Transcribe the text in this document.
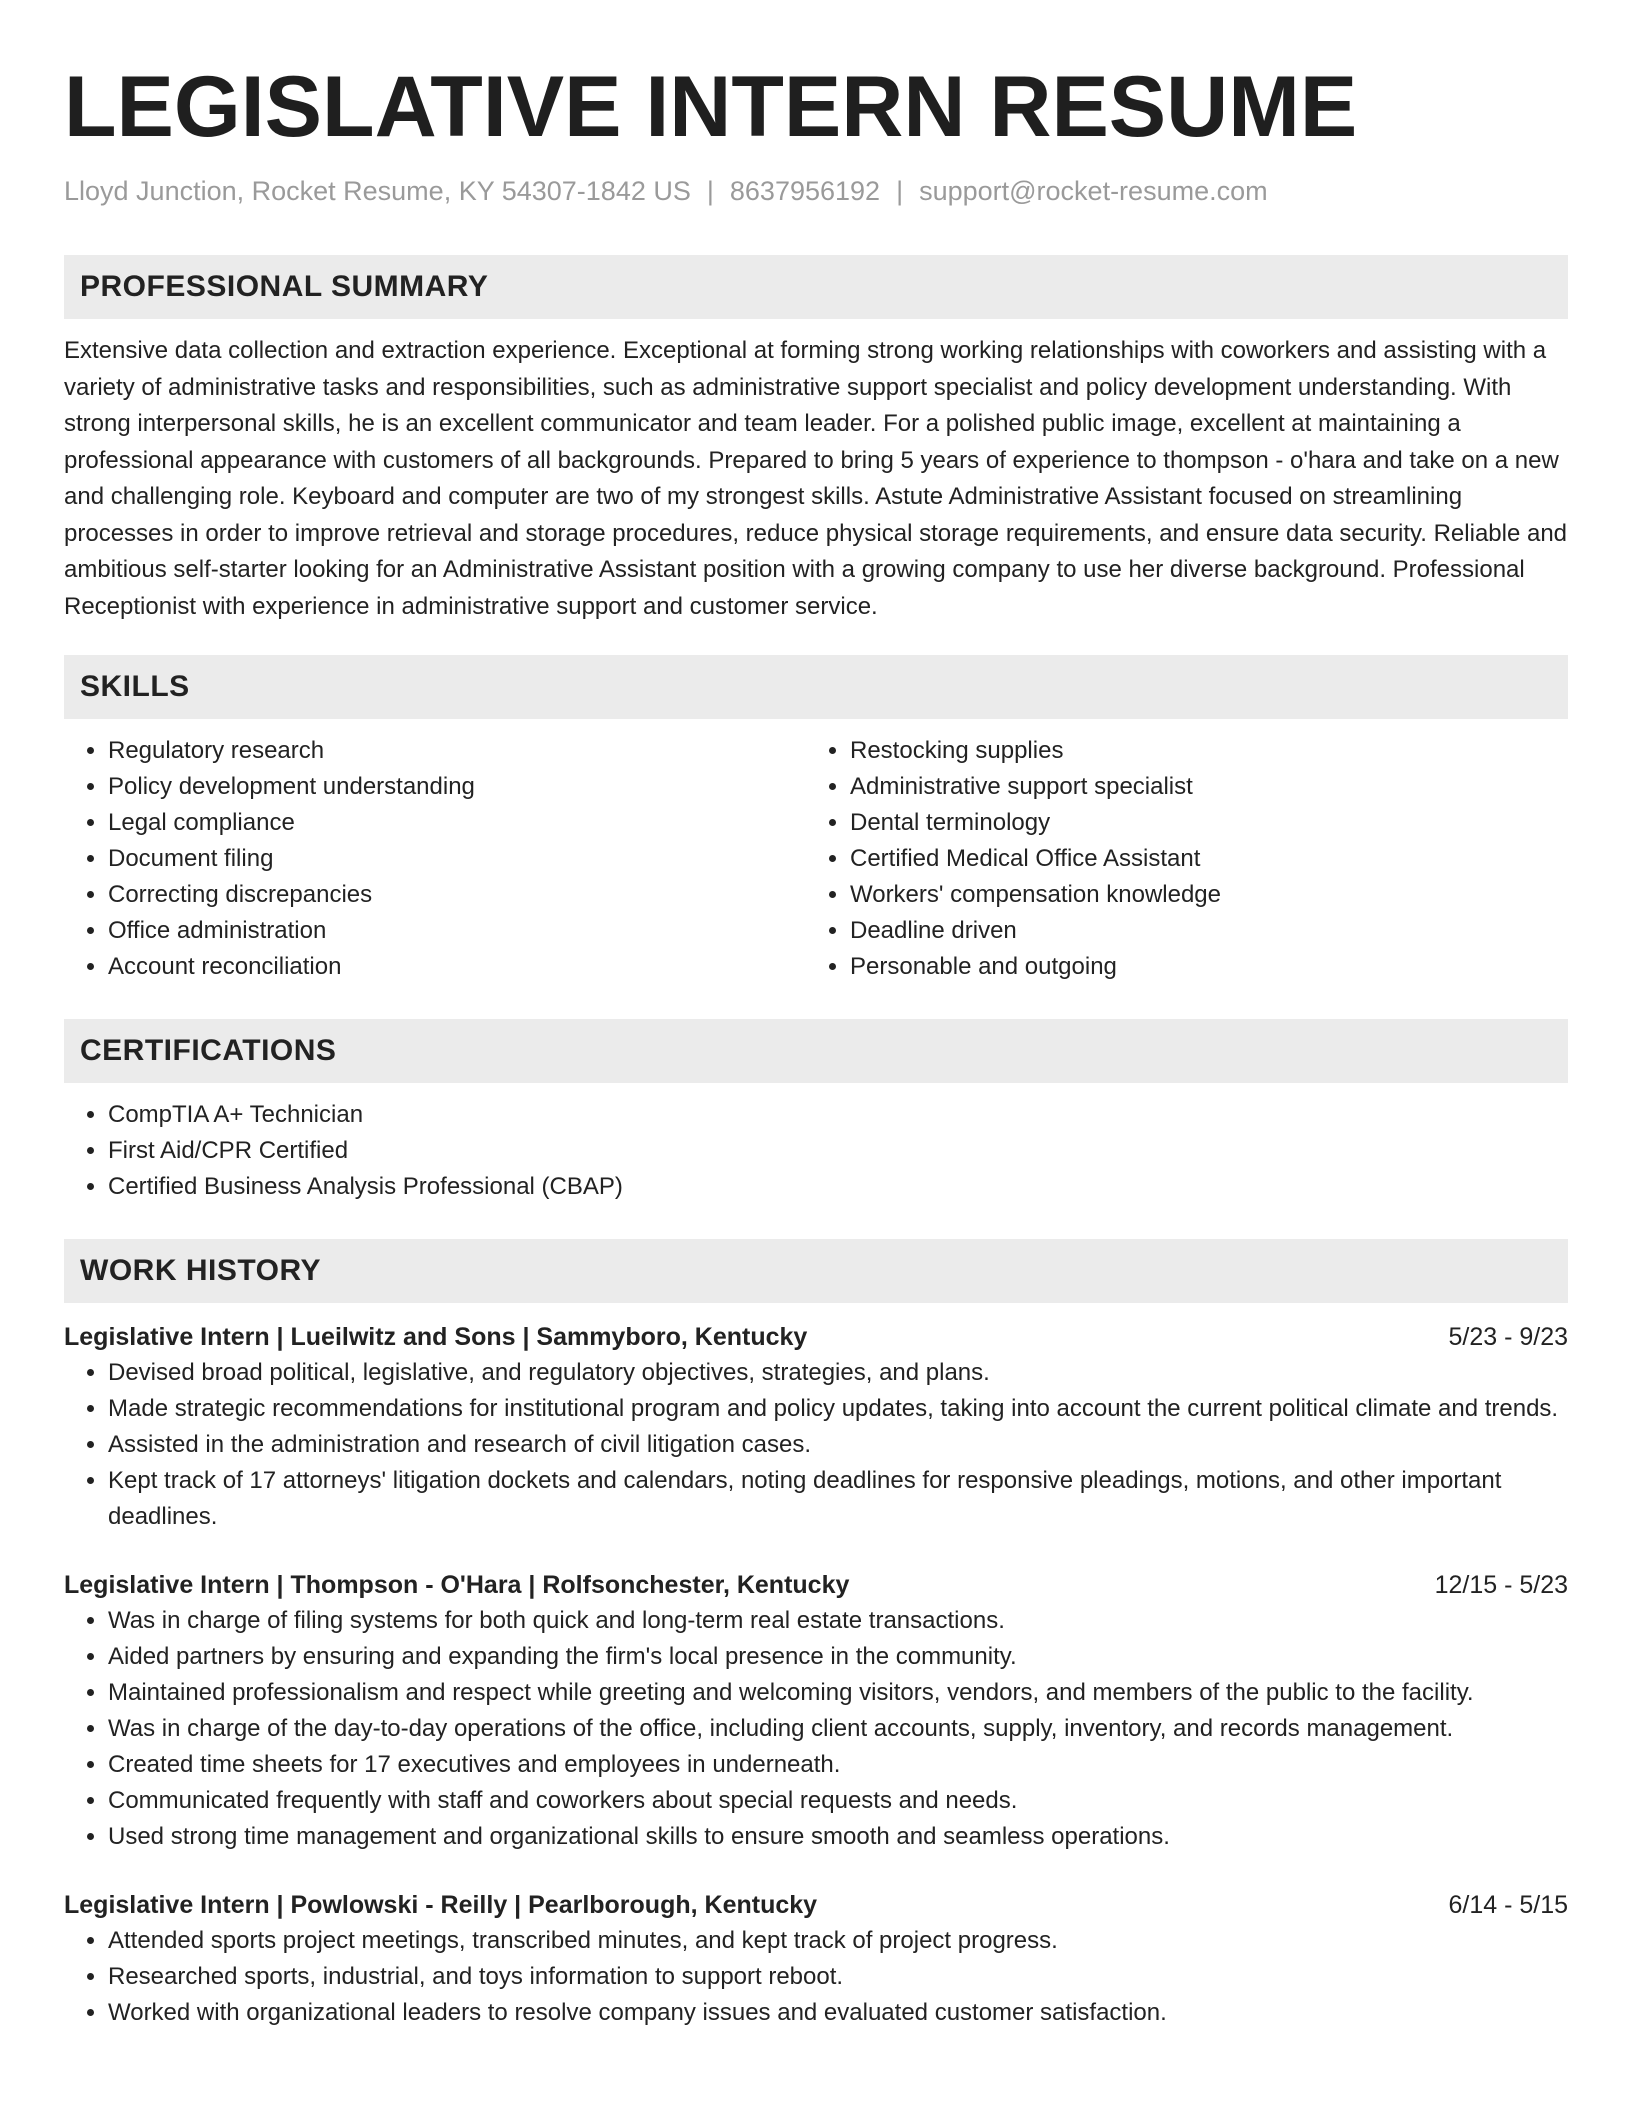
LEGISLATIVE INTERN RESUME
Lloyd Junction, Rocket Resume, KY 54307-1842 US | 8637956192 | support@rocket-resume.com
PROFESSIONAL SUMMARY

Extensive data collection and extraction experience. Exceptional at forming strong working relationships with coworkers and assisting with a variety of administrative tasks and responsibilities, such as administrative support specialist and policy development understanding. With strong interpersonal skills, he is an excellent communicator and team leader. For a polished public image, excellent at maintaining a professional appearance with customers of all backgrounds. Prepared to bring 5 years of experience to thompson - o'hara and take on a new and challenging role. Keyboard and computer are two of my strongest skills. Astute Administrative Assistant focused on streamlining processes in order to improve retrieval and storage procedures, reduce physical storage requirements, and ensure data security. Reliable and ambitious self-starter looking for an Administrative Assistant position with a growing company to use her diverse background. Professional Receptionist with experience in administrative support and customer service.

SKILLS
• Regulatory research
• Policy development understanding
• Legal compliance
• Document filing
• Correcting discrepancies
• Office administration
• Account reconciliation
• Restocking supplies
• Administrative support specialist
• Dental terminology
• Certified Medical Office Assistant
• Workers' compensation knowledge
• Deadline driven
• Personable and outgoing
CERTIFICATIONS
• CompTIA A+ Technician
• First Aid/CPR Certified
• Certified Business Analysis Professional (CBAP)
WORK HISTORY
Legislative Intern | Lueilwitz and Sons | Sammyboro, Kentucky	5/23 - 9/23
• Devised broad political, legislative, and regulatory objectives, strategies, and plans.
• Made strategic recommendations for institutional program and policy updates, taking into account the current political climate and trends.
• Assisted in the administration and research of civil litigation cases.
• Kept track of 17 attorneys' litigation dockets and calendars, noting deadlines for responsive pleadings, motions, and other important deadlines.
Legislative Intern | Thompson - O'Hara | Rolfsonchester, Kentucky	12/15 - 5/23
• Was in charge of filing systems for both quick and long-term real estate transactions.
• Aided partners by ensuring and expanding the firm's local presence in the community.
• Maintained professionalism and respect while greeting and welcoming visitors, vendors, and members of the public to the facility.
• Was in charge of the day-to-day operations of the office, including client accounts, supply, inventory, and records management.
• Created time sheets for 17 executives and employees in underneath.
• Communicated frequently with staff and coworkers about special requests and needs.
• Used strong time management and organizational skills to ensure smooth and seamless operations.
Legislative Intern | Powlowski - Reilly | Pearlborough, Kentucky	6/14 - 5/15
• Attended sports project meetings, transcribed minutes, and kept track of project progress.
• Researched sports, industrial, and toys information to support reboot.
• Worked with organizational leaders to resolve company issues and evaluated customer satisfaction.
